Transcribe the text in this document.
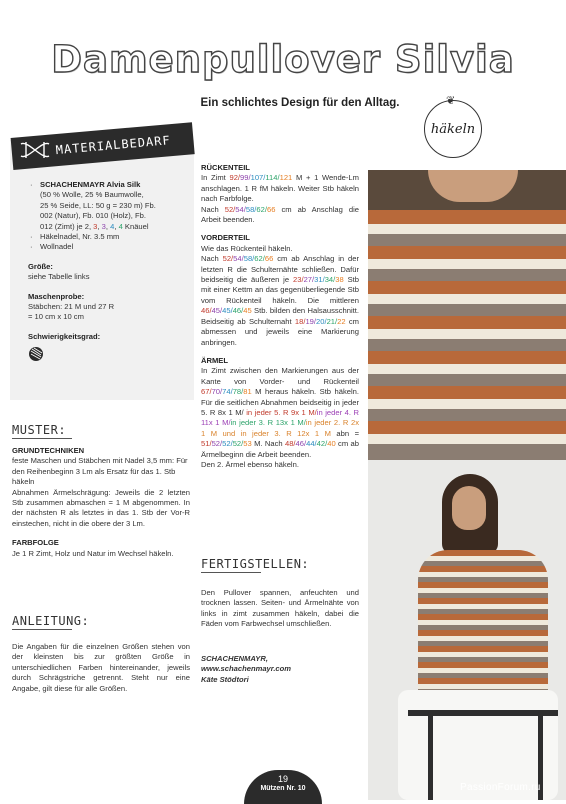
Damenpullover Silvia
Ein schlichtes Design für den Alltag.	❦
häkeln
MATERIALBEDARF
· SCHACHENMAYR Alvia Silk
(50 % Wolle, 25 % Baumwolle,
25 % Seide, LL: 50 g = 230 m) Fb.
002 (Natur), Fb. 010 (Holz), Fb.
012 (Zimt) je 2, 3, 3, 4, 4 Knäuel
· Häkelnadel, Nr. 3.5 mm
· Wollnadel
Größe:
siehe Tabelle links
Maschenprobe:
Stäbchen: 21 M und 27 R
= 10 cm x 10 cm
Schwierigkeitsgrad:
MUSTER:
GRUNDTECHNIKEN
feste Maschen und Stäbchen mit Nadel 3,5 mm: Für den Reihenbeginn 3 Lm als Ersatz für das 1. Stb häkeln
Abnahmen Ärmelschrägung: Jeweils die 2 letzten Stb zusammen abmaschen = 1 M abgenommen. In der nächsten R als letztes in das 1. Stb der Vor-R einstechen, nicht in die obere der 3 Lm.
FARBFOLGE
Je 1 R Zimt, Holz und Natur im Wechsel häkeln.
ANLEITUNG:
Die Angaben für die einzelnen Größen stehen von der kleinsten bis zur größten Größe in unterschiedlichen Farben hintereinander, jeweils durch Schrägstriche getrennt. Steht nur eine Angabe, gilt diese für alle Größen.
RÜCKENTEIL
In Zimt 92/99/107/114/121 M + 1 Wende-Lm anschlagen. 1 R fM häkeln. Weiter Stb häkeln nach Farbfolge.
Nach 52/54/58/62/66 cm ab Anschlag die Arbeit beenden.
VORDERTEIL
Wie das Rückenteil häkeln.
Nach 52/54/58/62/66 cm ab Anschlag in der letzten R die Schulternähte schließen. Dafür beidseitig die äußeren je 23/27/31/34/38 Stb mit einer Kettm an das gegenüberliegende Stb vom Rückenteil häkeln. Die mittleren 46/45/45/46/45 Stb. bilden den Halsausschnitt. Beidseitig ab Schulternaht 18/19/20/21/22 cm abmessen und jeweils eine Markierung anbringen.
ÄRMEL
In Zimt zwischen den Markierungen aus der Kante von Vorder- und Rückenteil 67/70/74/78/81 M heraus häkeln. Stb häkeln. Für die seitlichen Abnahmen beidseitig in jeder 5. R 8x 1 M/ in jeder 5. R 9x 1 M/in jeder 4. R 11x 1 M/in jeder 3. R 13x 1 M/in jeder 2. R 2x 1 M und in jeder 3. R 12x 1 M abn = 51/52/52/52/53 M. Nach 48/46/44/42/40 cm ab Ärmelbeginn die Arbeit beenden.
Den 2. Ärmel ebenso häkeln.
FERTIGSTELLEN:
Den Pullover spannen, anfeuchten und trocknen lassen. Seiten- und Ärmelnähte von links in zimt zusammen häkeln, dabei die Fäden vom Farbwechsel umschließen.
SCHACHENMAYR,
www.schachenmayr.com
Käte Stödtori
19
Mützen Nr. 10	PassionForum.ru
